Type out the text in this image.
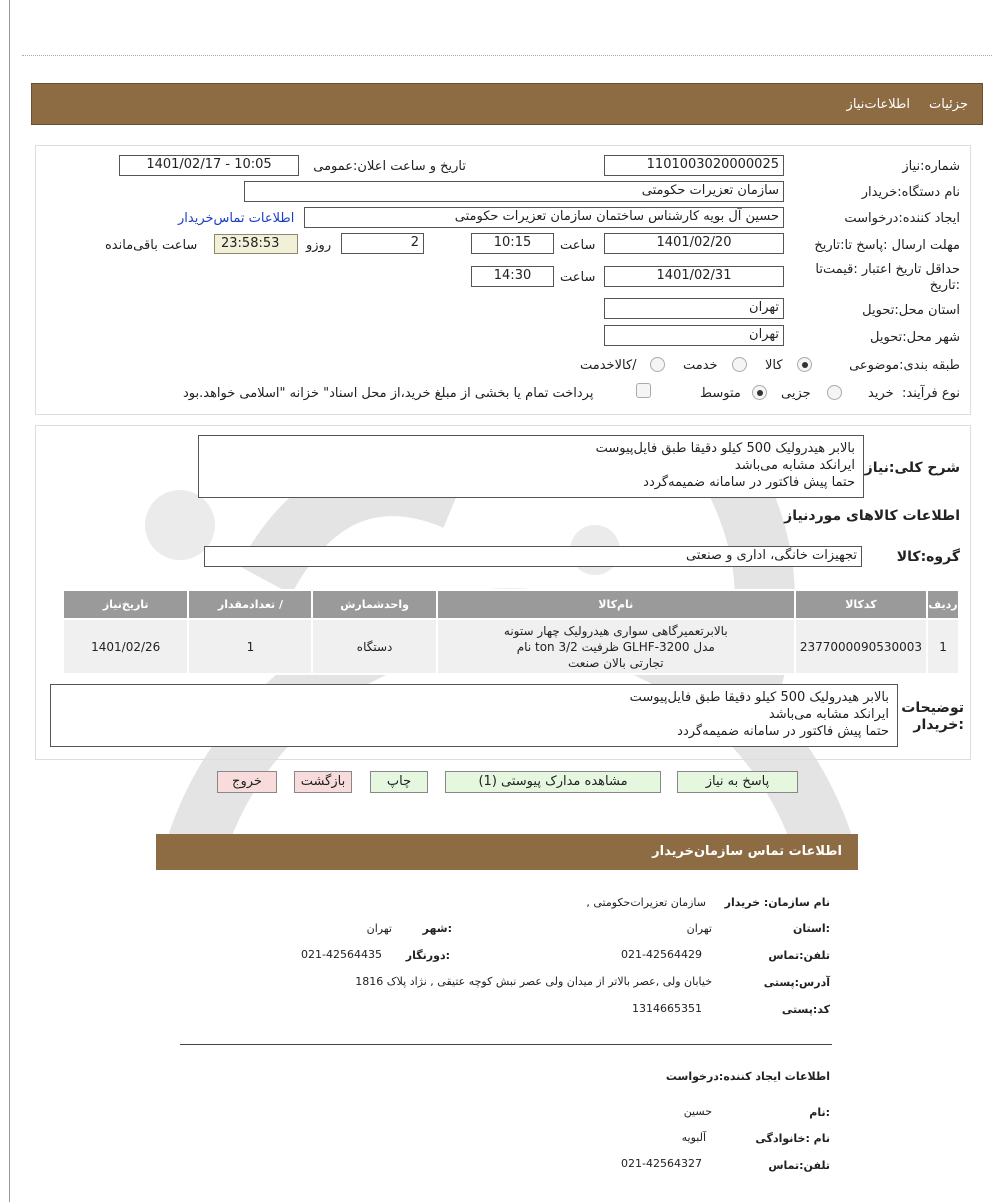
جزئیات
اطلاعات‌نیاز
شماره:نیاز
1101003020000025
تاریخ و ساعت اعلان:عمومی
1401/02/17 - 10:05
نام دستگاه:خریدار
سازمان تعزیرات حکومتی
ایجاد کننده:درخواست
حسین آل بویه کارشناس ساختمان سازمان تعزیرات حکومتی
اطلاعات تماس‌خریدار
مهلت ارسال :پاسخ تا:تاریخ
1401/02/20
ساعت
10:15
2
روزو
23:58:53
ساعت باقی‌مانده
حداقل تاریخ اعتبار :قیمت‌تا
:تاریخ
1401/02/31
ساعت
14:30
استان محل:تحویل
تهران
شهر محل:تحویل
تهران
طبقه بندی:موضوعی
کالا
خدمت
/کالاخدمت
نوع فرآیند:
خرید
جزیی
متوسط
پرداخت تمام یا بخشی از مبلغ خرید،از محل اسناد" خزانه "اسلامی خواهد.بود
شرح کلی:نیاز
بالابر هیدرولیک 500 کیلو دقیقا طبق فایل‌پیوست
ایرانکد مشابه می‌باشد
حتما پیش فاکتور در سامانه ضمیمه‌گردد
اطلاعات کالاهای مورد‌نیاز
گروه:کالا
تجهیزات خانگی، اداری و صنعتی
ردیف	کدکالا	نام‌کالا	واحدشمارش	/ تعدادمقدار	تاریخ‌نیاز
1	2377000090530003	بالابرتعمیرگاهی سواری هیدرولیک چهار ستونه
مدل GLHF-3200 ظرفیت 3/2 ton نام
تجارتی بالان صنعت	دستگاه	1	1401/02/26
توضیحات
:خریدار
بالابر هیدرولیک 500 کیلو دقیقا طبق فایل‌پیوست
ایرانکد مشابه می‌باشد
حتما پیش فاکتور در سامانه ضمیمه‌گردد
پاسخ به نیاز
مشاهده مدارک پیوستی (1)
چاپ
بازگشت
خروج
اطلاعات تماس سازمان‌خریدار
نام سازمان: خریدار
سازمان تعزیرات‌حکومتی ,
:استان
تهران
:شهر
تهران
تلفن:تماس
021-42564429
:دورنگار
021-42564435
آدرس:پستی
خیابان ولی ,عصر بالاتر از میدان ولی عصر نبش کوچه عتیقی , نژاد پلاک 1816
کد:پستی
1314665351
اطلاعات ایجاد کننده:درخواست
:نام
حسین
نام :خانوادگی
آلبویه
تلفن:تماس
021-42564327
